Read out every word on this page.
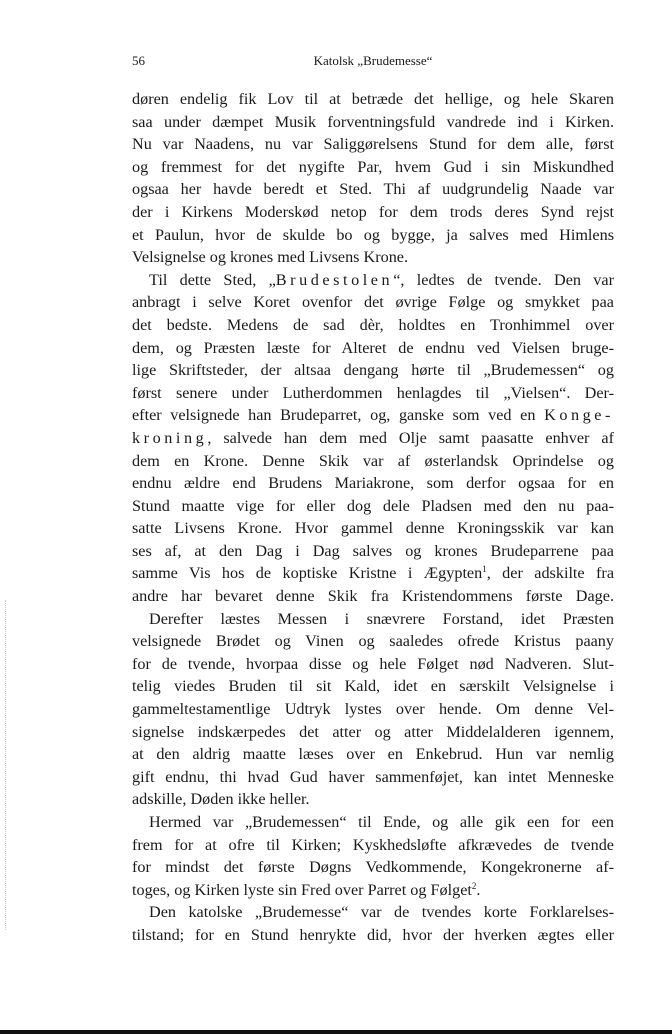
56	Katolsk „Brudemesse“
døren endelig fik Lov til at betræde det hellige, og hele Skaren
saa under dæmpet Musik forventningsfuld vandrede ind i Kirken.
Nu var Naadens, nu var Saliggørelsens Stund for dem alle, først
og fremmest for det nygifte Par, hvem Gud i sin Miskundhed
ogsaa her havde beredt et Sted. Thi af uudgrundelig Naade var
der i Kirkens Moderskød netop for dem trods deres Synd rejst
et Paulun, hvor de skulde bo og bygge, ja salves med Himlens
Velsignelse og krones med Livsens Krone.
Til dette Sted, „Brudestolen“, ledtes de tvende. Den var
anbragt i selve Koret ovenfor det øvrige Følge og smykket paa
det bedste. Medens de sad dèr, holdtes en Tronhimmel over
dem, og Præsten læste for Alteret de endnu ved Vielsen bruge-
lige Skriftsteder, der altsaa dengang hørte til „Brudemessen“ og
først senere under Lutherdommen henlagdes til „Vielsen“. Der-
efter velsignede han Brudeparret, og, ganske som ved en Konge-
kroning, salvede han dem med Olje samt paasatte enhver af
dem en Krone. Denne Skik var af østerlandsk Oprindelse og
endnu ældre end Brudens Mariakrone, som derfor ogsaa for en
Stund maatte vige for eller dog dele Pladsen med den nu paa-
satte Livsens Krone. Hvor gammel denne Kroningsskik var kan
ses af, at den Dag i Dag salves og krones Brudeparrene paa
samme Vis hos de koptiske Kristne i Ægypten$^1$, der adskilte fra
andre har bevaret denne Skik fra Kristendommens første Dage.
Derefter læstes Messen i snævrere Forstand, idet Præsten
velsignede Brødet og Vinen og saaledes ofrede Kristus paany
for de tvende, hvorpaa disse og hele Følget nød Nadveren. Slut-
telig viedes Bruden til sit Kald, idet en særskilt Velsignelse i
gammeltestamentlige Udtryk lystes over hende. Om denne Vel-
signelse indskærpedes det atter og atter Middelalderen igennem,
at den aldrig maatte læses over en Enkebrud. Hun var nemlig
gift endnu, thi hvad Gud haver sammenføjet, kan intet Menneske
adskille, Døden ikke heller.
Hermed var „Brudemessen“ til Ende, og alle gik een for een
frem for at ofre til Kirken; Kyskhedsløfte afkrævedes de tvende
for mindst det første Døgns Vedkommende, Kongekronerne af-
toges, og Kirken lyste sin Fred over Parret og Følget$^2$.
Den katolske „Brudemesse“ var de tvendes korte Forklarelses-
tilstand; for en Stund henrykte did, hvor der hverken ægtes eller
